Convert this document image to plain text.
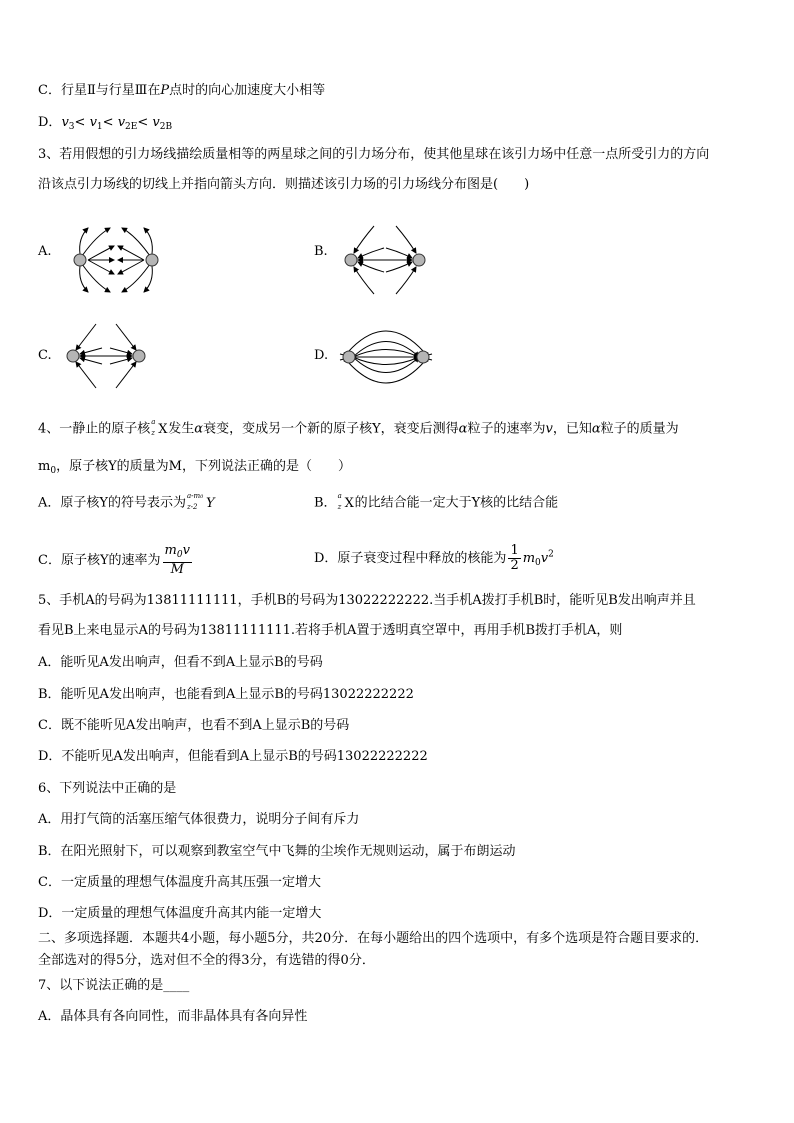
C．行星Ⅱ与行星Ⅲ在P点时的向心加速度大小相等
D．$v_3< v_1< v_{2E}< v_{2B}$
3、若用假想的引力场线描绘质量相等的两星球之间的引力场分布，使其他星球在该引力场中任意一点所受引力的方向
沿该点引力场线的切线上并指向箭头方向．则描述该引力场的引力场线分布图是(　　)
A.	B.
C.	D.
4、一静止的原子核 a
z X 发生α衰变，变成另一个新的原子核Y，衰变后测得α粒子的速率为v，已知α粒子的质量为
$m_0$，原子核Y的质量为M，下列说法正确的是（　　）
A．原子核Y的符号表示为 a-m0
z-2 Y	B． a
z X 的比结合能一定大于Y核的比结合能
C．原子核Y的速率为 $\frac{m_0v}{M}$	D．原子衰变过程中释放的核能为 $\frac{1}{2} m_0v^2$
5、手机A的号码为13811111111，手机B的号码为13022222222.当手机A拨打手机B时，能听见B发出响声并且
看见B上来电显示A的号码为13811111111.若将手机A置于透明真空罩中，再用手机B拨打手机A，则
A．能听见A发出响声，但看不到A上显示B的号码
B．能听见A发出响声，也能看到A上显示B的号码13022222222
C．既不能听见A发出响声，也看不到A上显示B的号码
D．不能听见A发出响声，但能看到A上显示B的号码13022222222
6、下列说法中正确的是
A．用打气筒的活塞压缩气体很费力，说明分子间有斥力
B．在阳光照射下，可以观察到教室空气中飞舞的尘埃作无规则运动，属于布朗运动
C．一定质量的理想气体温度升高其压强一定增大
D．一定质量的理想气体温度升高其内能一定增大
二、多项选择题．本题共4小题，每小题5分，共20分．在每小题给出的四个选项中，有多个选项是符合题目要求的．
全部选对的得5分，选对但不全的得3分，有选错的得0分．
7、以下说法正确的是____
A．晶体具有各向同性，而非晶体具有各向异性
